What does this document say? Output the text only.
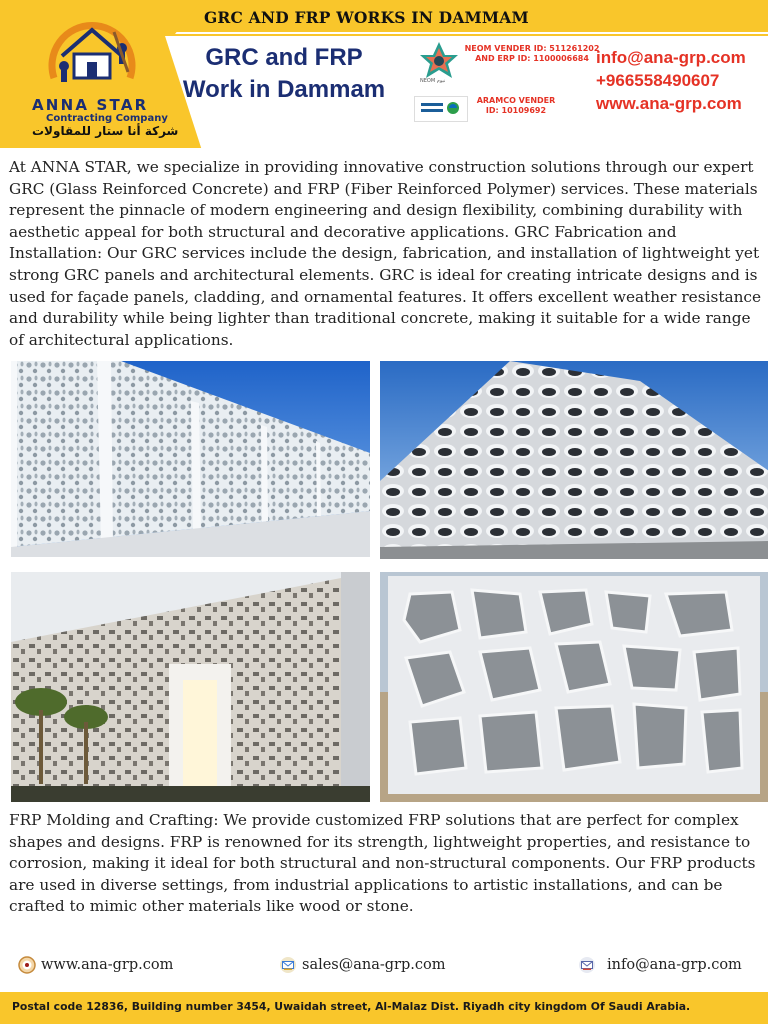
GRC AND FRP WORKS IN DAMMAM
ANNA STAR
Contracting Company
شركة أنا ستار للمقاولات
GRC and FRP
Work in Dammam	NEOM نيوم
NEOM VENDER ID: 511261202
AND ERP ID: 1100006684
ARAMCO VENDER
ID: 10109692
info@ana-grp.com
+966558490607
www.ana-grp.com

At ANNA STAR, we specialize in providing innovative construction solutions through our expert GRC (Glass Reinforced Concrete) and FRP (Fiber Reinforced Polymer) services. These materials represent the pinnacle of modern engineering and design flexibility, combining durability with aesthetic appeal for both structural and decorative applications. GRC Fabrication and Installation: Our GRC services include the design, fabrication, and installation of lightweight yet strong GRC panels and architectural elements. GRC is ideal for creating intricate designs and is used for façade panels, cladding, and ornamental features. It offers excellent weather resistance and durability while being lighter than traditional concrete, making it suitable for a wide range of architectural applications.

FRP Molding and Crafting: We provide customized FRP solutions that are perfect for complex shapes and designs. FRP is renowned for its strength, lightweight properties, and resistance to corrosion, making it ideal for both structural and non-structural components. Our FRP products are used in diverse settings, from industrial applications to artistic installations, and can be crafted to mimic other materials like wood or stone.

www.ana-grp.com	sales@ana-grp.com	info@ana-grp.com
Postal code 12836, Building number 3454, Uwaidah street, Al-Malaz Dist. Riyadh city kingdom Of Saudi Arabia.
